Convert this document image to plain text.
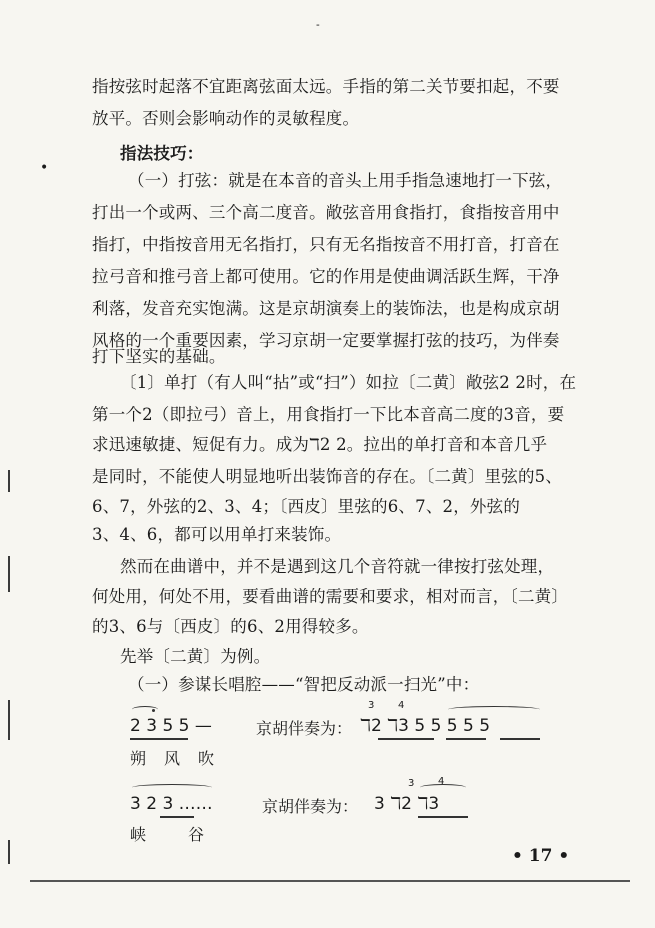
-
•
指按弦时起落不宜距离弦面太远。手指的第二关节要扣起，不要
放平。否则会影响动作的灵敏程度。
指法技巧：
（一）打弦：就是在本音的音头上用手指急速地打一下弦，
打出一个或两、三个高二度音。敞弦音用食指打，食指按音用中
指打，中指按音用无名指打，只有无名指按音不用打音，打音在
拉弓音和推弓音上都可使用。它的作用是使曲调活跃生辉，干净
利落，发音充实饱满。这是京胡演奏上的装饰法，也是构成京胡
风格的一个重要因素，学习京胡一定要掌握打弦的技巧，为伴奏
打下坚实的基础。
〔1〕单打（有人叫“拈”或“扫”）如拉〔二黄〕敞弦2 2时，在
第一个2（即拉弓）音上，用食指打一下比本音高二度的3音，要
求迅速敏捷、短促有力。成为ℸ2 2。拉出的单打音和本音几乎
是同时，不能使人明显地听出装饰音的存在。〔二黄〕里弦的5、
6、7，外弦的2、3、4；〔西皮〕里弦的6、7、2，外弦的
3、4、6，都可以用单打来装饰。
然而在曲谱中，并不是遇到这几个音符就一律按打弦处理，
何处用，何处不用，要看曲谱的需要和要求，相对而言，〔二黄〕
的3、6与〔西皮〕的6、2用得较多。
先举〔二黄〕为例。
（一）参谋长唱腔——“智把反动派一扫光”中：
2 3 5 5 —	京胡伴奏为： ℸ2 ℸ3 5 5 5 5 5
3 4
朔风吹
3 2 3 ……	京胡伴奏为： 3 ℸ2 ℸ3
3 4
峡谷
• 17 •
